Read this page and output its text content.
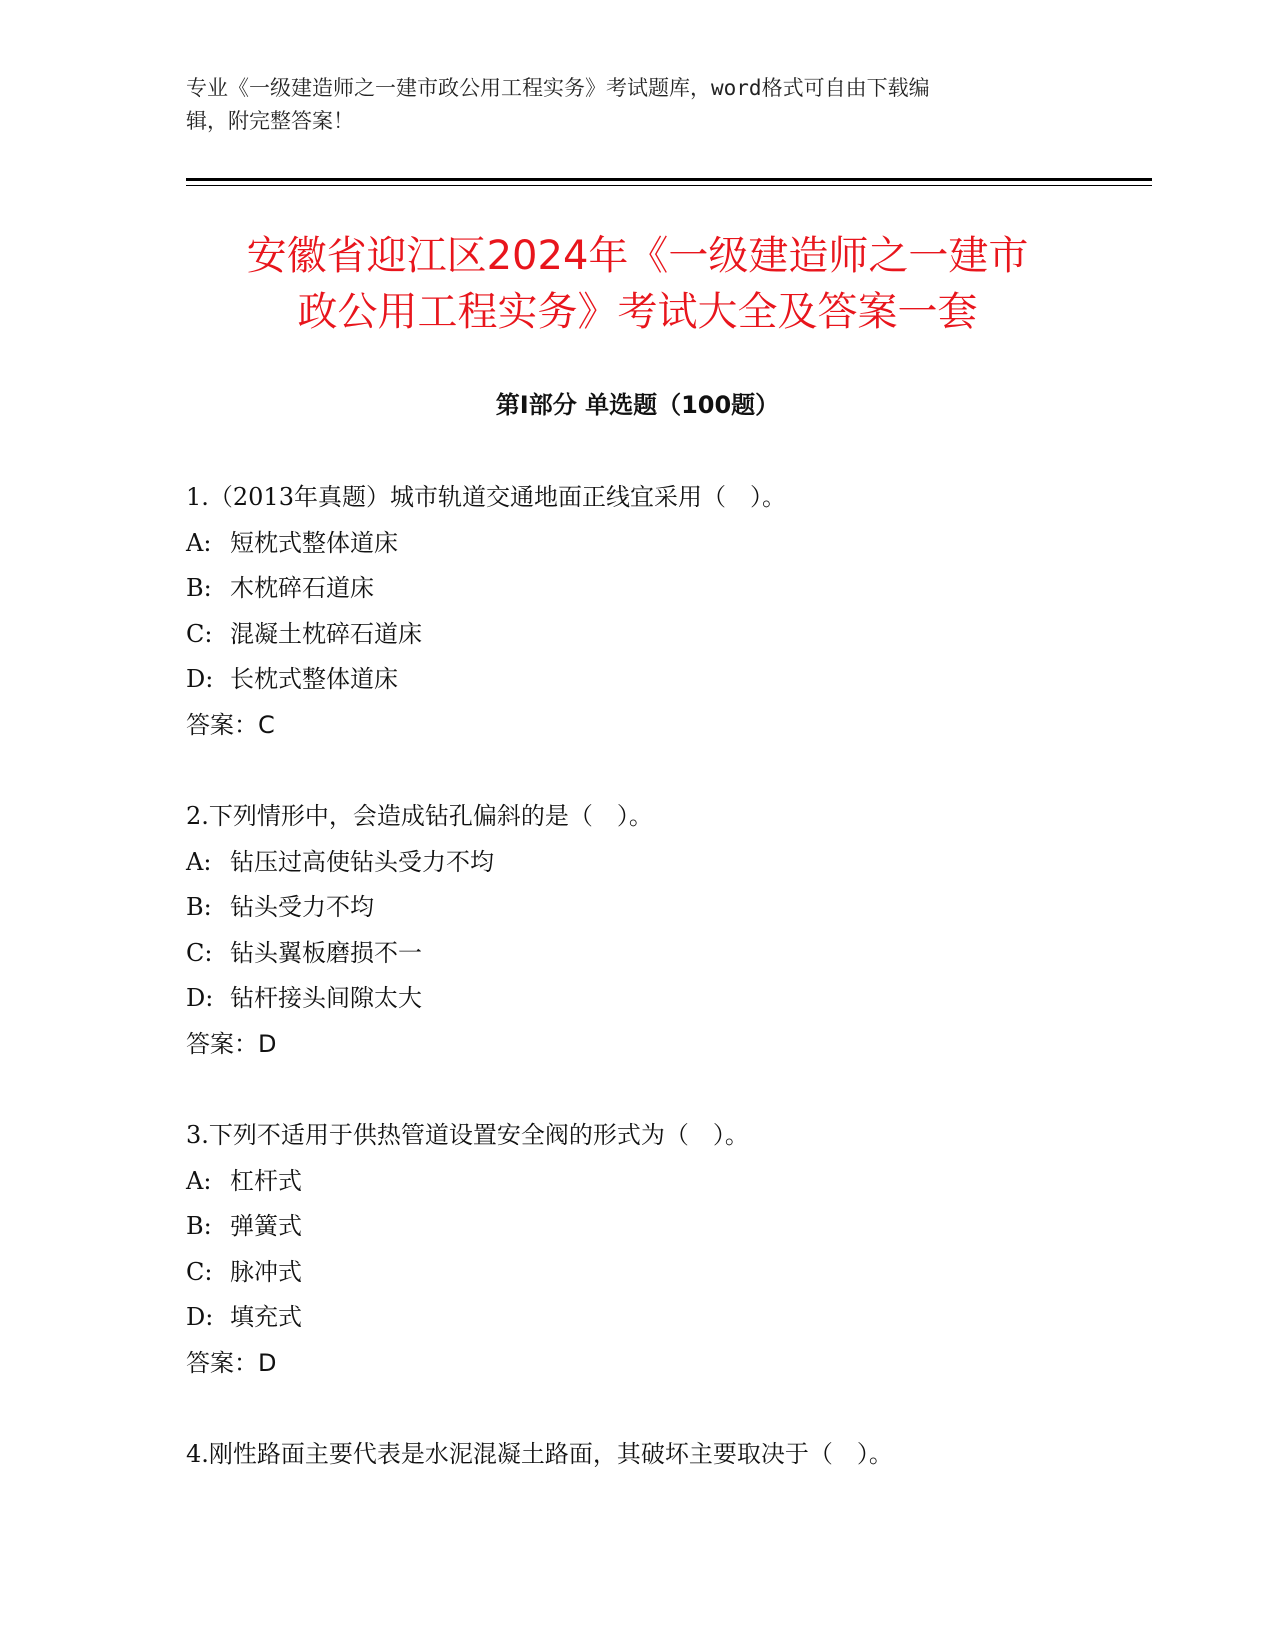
专业《一级建造师之一建市政公用工程实务》考试题库，word格式可自由下载编
辑，附完整答案！
安徽省迎江区2024年《一级建造师之一建市
政公用工程实务》考试大全及答案一套
第Ⅰ部分 单选题（100题）
1.（2013年真题）城市轨道交通地面正线宜采用（　）。
A: 短枕式整体道床
B: 木枕碎石道床
C: 混凝土枕碎石道床
D: 长枕式整体道床
答案：C
2.下列情形中，会造成钻孔偏斜的是（　）。
A: 钻压过高使钻头受力不均
B: 钻头受力不均
C: 钻头翼板磨损不一
D: 钻杆接头间隙太大
答案：D
3.下列不适用于供热管道设置安全阀的形式为（　）。
A: 杠杆式
B: 弹簧式
C: 脉冲式
D: 填充式
答案：D
4.刚性路面主要代表是水泥混凝土路面，其破坏主要取决于（　）。
